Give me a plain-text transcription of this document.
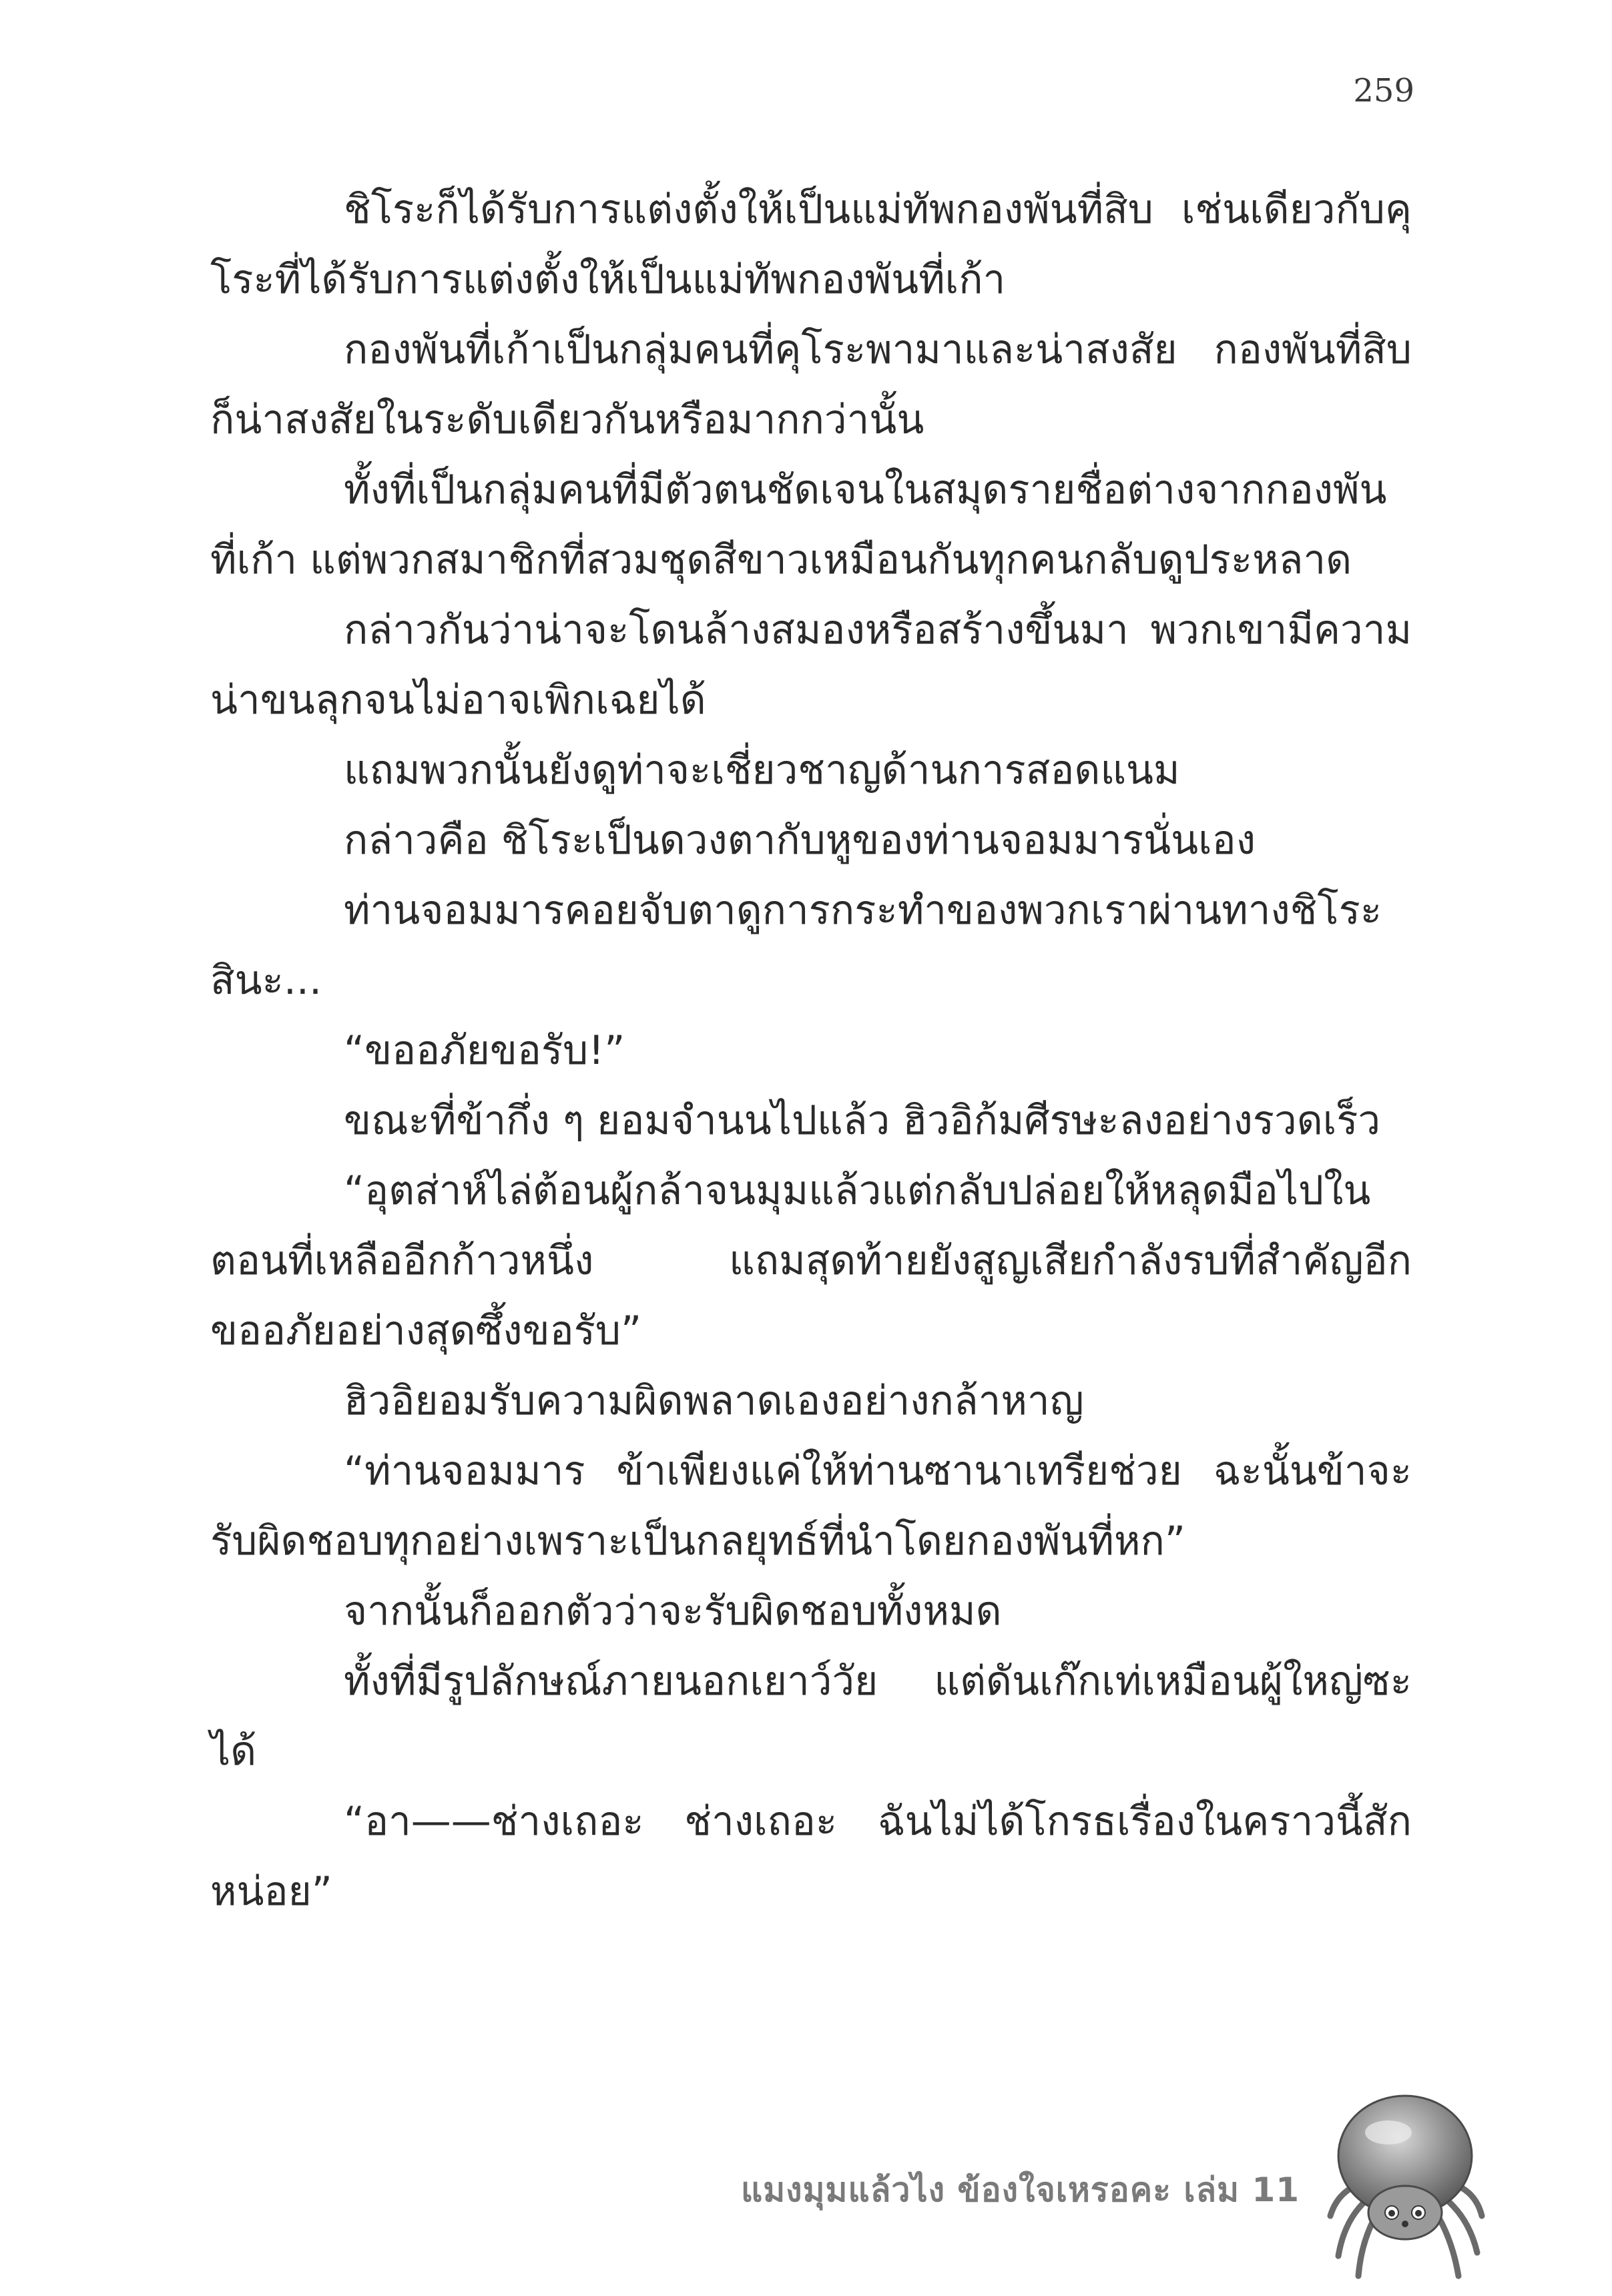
259

ชิโระก็ได้รับการแต่งตั้งให้เป็นแม่ทัพกองพันที่สิบ เช่นเดียวกับคุโระที่ได้รับการแต่งตั้งให้เป็นแม่ทัพกองพันที่เก้า

กองพันที่เก้าเป็นกลุ่มคนที่คุโระพามาและน่าสงสัย กองพันที่สิบก็น่าสงสัยในระดับเดียวกันหรือมากกว่านั้น

ทั้งที่เป็นกลุ่มคนที่มีตัวตนชัดเจนในสมุดรายชื่อต่างจากกองพันที่เก้า แต่พวกสมาชิกที่สวมชุดสีขาวเหมือนกันทุกคนกลับดูประหลาด

กล่าวกันว่าน่าจะโดนล้างสมองหรือสร้างขึ้นมา พวกเขามีความน่าขนลุกจนไม่อาจเพิกเฉยได้

แถมพวกนั้นยังดูท่าจะเชี่ยวชาญด้านการสอดแนม

กล่าวคือ ชิโระเป็นดวงตากับหูของท่านจอมมารนั่นเอง

ท่านจอมมารคอยจับตาดูการกระทำของพวกเราผ่านทางชิโระสินะ...

“ขออภัยขอรับ!”

ขณะที่ข้ากึ่ง ๆ ยอมจำนนไปแล้ว ฮิวอิก้มศีรษะลงอย่างรวดเร็ว

“อุตส่าห์ไล่ต้อนผู้กล้าจนมุมแล้วแต่กลับปล่อยให้หลุดมือไปในตอนที่เหลืออีกก้าวหนึ่ง แถมสุดท้ายยังสูญเสียกำลังรบที่สำคัญอีกขออภัยอย่างสุดซึ้งขอรับ”

ฮิวอิยอมรับความผิดพลาดเองอย่างกล้าหาญ

“ท่านจอมมาร ข้าเพียงแค่ให้ท่านซานาเทรียช่วย ฉะนั้นข้าจะรับผิดชอบทุกอย่างเพราะเป็นกลยุทธ์ที่นำโดยกองพันที่หก”

จากนั้นก็ออกตัวว่าจะรับผิดชอบทั้งหมด

ทั้งที่มีรูปลักษณ์ภายนอกเยาว์วัย แต่ดันเก๊กเท่เหมือนผู้ใหญ่ซะได้

“อา——ช่างเถอะ ช่างเถอะ ฉันไม่ได้โกรธเรื่องในคราวนี้สักหน่อย”

แมงมุมแล้วไง ข้องใจเหรอคะ เล่ม 11
